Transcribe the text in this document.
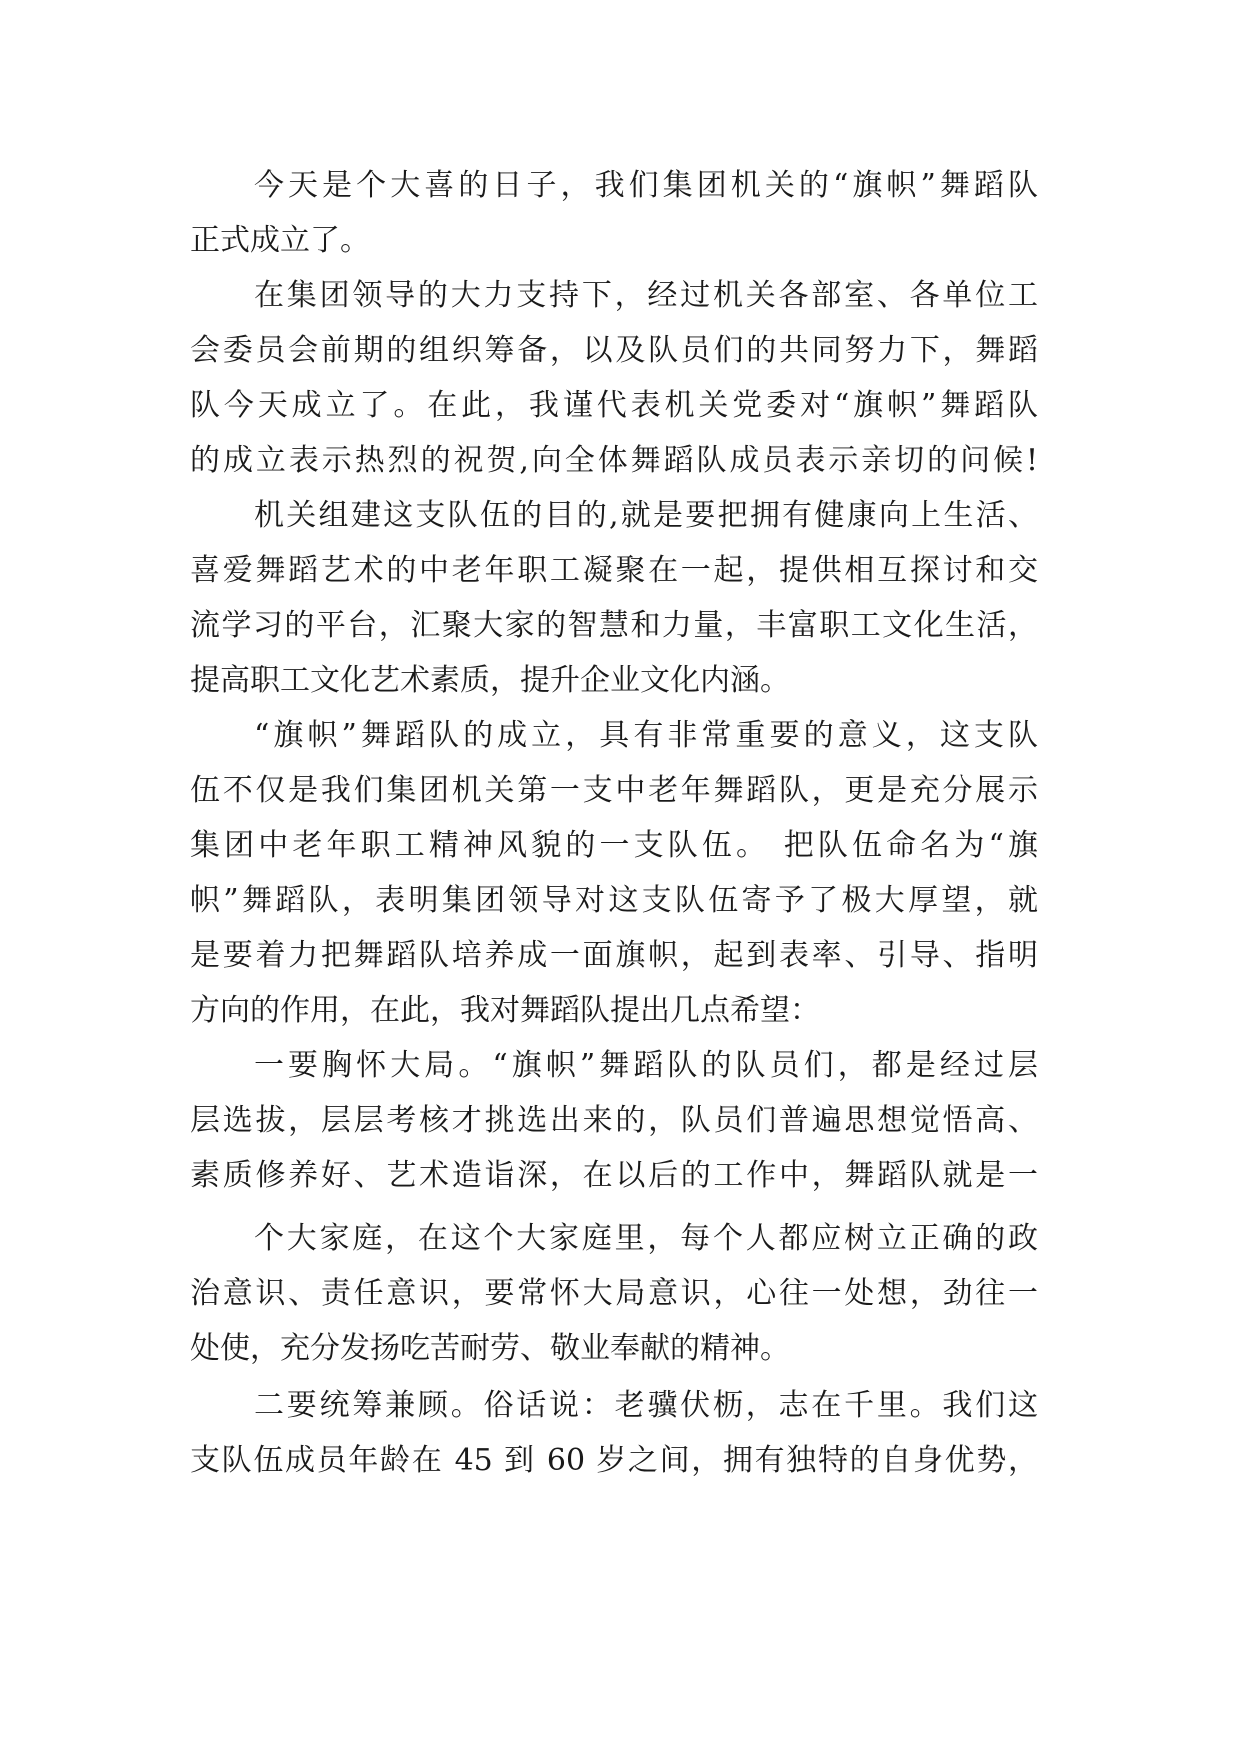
今天是个大喜的日子，我们集团机关的“旗帜”舞蹈队
正式成立了。
在集团领导的大力支持下，经过机关各部室、各单位工
会委员会前期的组织筹备，以及队员们的共同努力下，舞蹈
队今天成立了。在此，我谨代表机关党委对“旗帜”舞蹈队
的成立表示热烈的祝贺,向全体舞蹈队成员表示亲切的问候!
机关组建这支队伍的目的,就是要把拥有健康向上生活、
喜爱舞蹈艺术的中老年职工凝聚在一起，提供相互探讨和交
流学习的平台，汇聚大家的智慧和力量，丰富职工文化生活，
提高职工文化艺术素质，提升企业文化内涵。
“旗帜”舞蹈队的成立，具有非常重要的意义，这支队
伍不仅是我们集团机关第一支中老年舞蹈队，更是充分展示
集团中老年职工精神风貌的一支队伍。 把队伍命名为“旗
帜”舞蹈队，表明集团领导对这支队伍寄予了极大厚望，就
是要着力把舞蹈队培养成一面旗帜，起到表率、引导、指明
方向的作用，在此，我对舞蹈队提出几点希望：
一要胸怀大局。“旗帜”舞蹈队的队员们，都是经过层
层选拔，层层考核才挑选出来的，队员们普遍思想觉悟高、
素质修养好、艺术造诣深，在以后的工作中，舞蹈队就是一
个大家庭，在这个大家庭里，每个人都应树立正确的政
治意识、责任意识，要常怀大局意识，心往一处想，劲往一
处使，充分发扬吃苦耐劳、敬业奉献的精神。
二要统筹兼顾。俗话说：老骥伏枥，志在千里。我们这
支队伍成员年龄在 45 到 60 岁之间，拥有独特的自身优势，
